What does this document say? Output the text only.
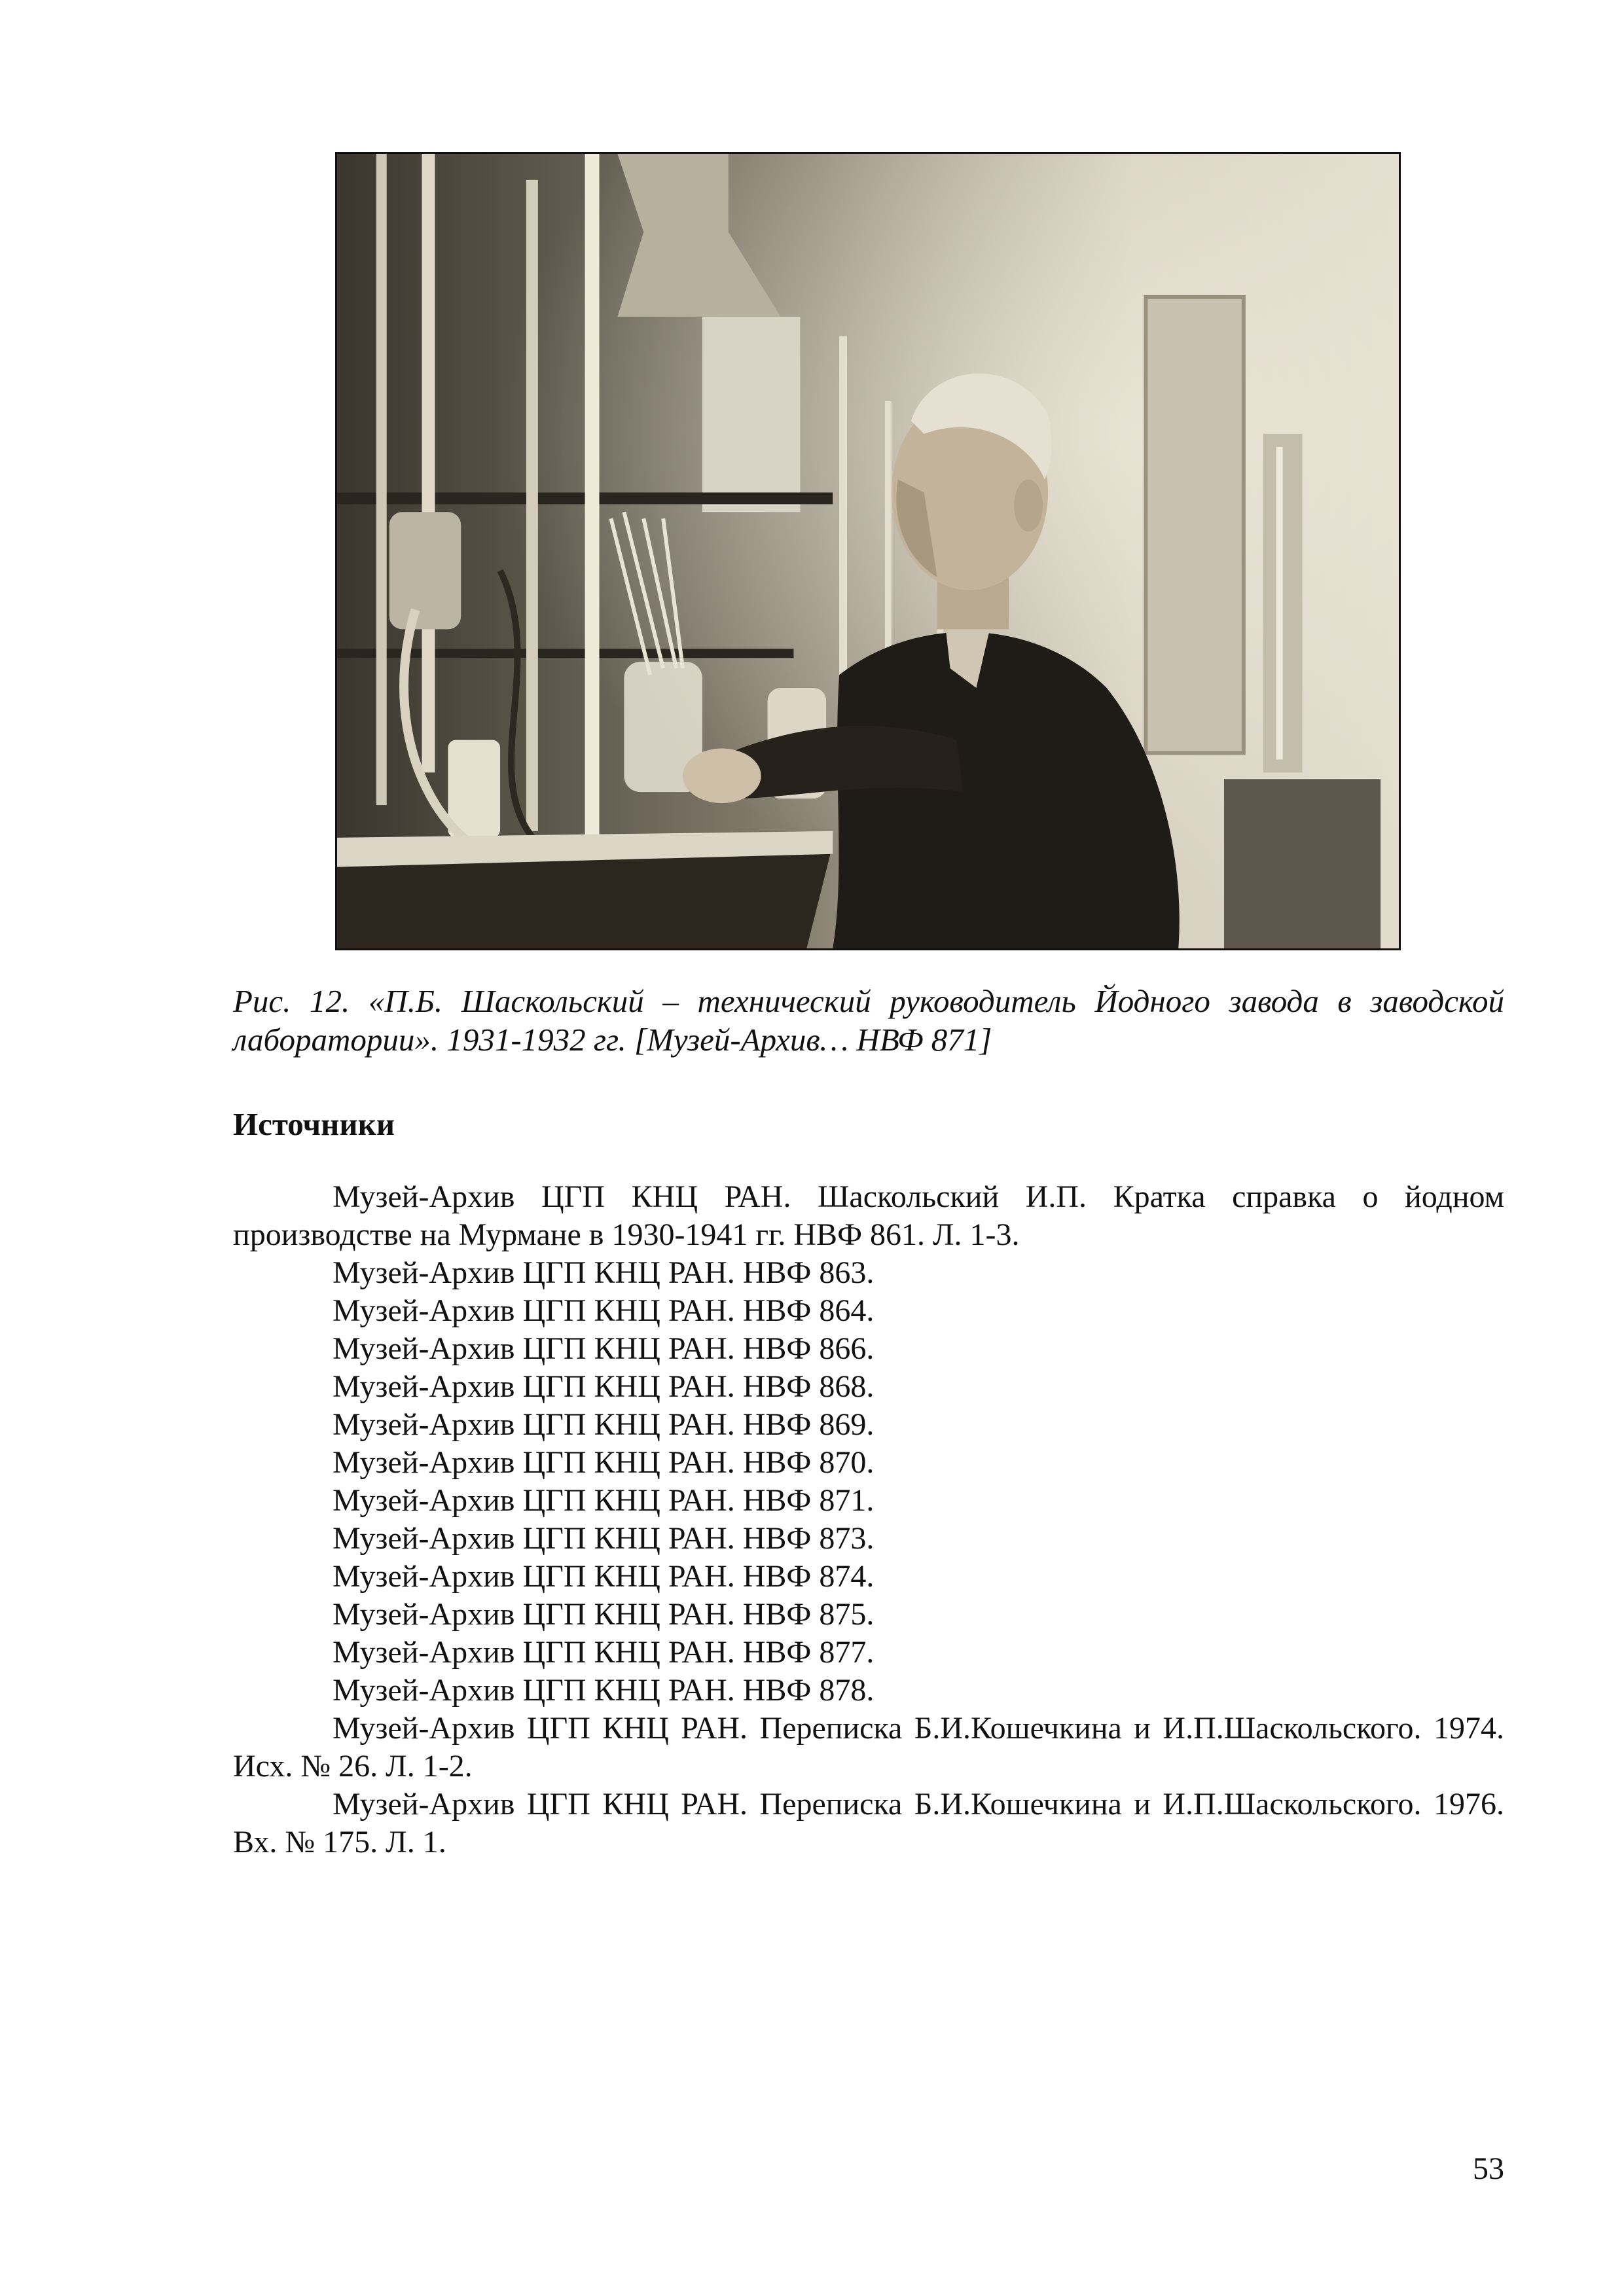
Рис. 12. «П.Б. Шаскольский – технический руководитель Йодного завода в заводской лаборатории». 1931-1932 гг. [Музей-Архив… НВФ 871]
Источники

Музей-Архив ЦГП КНЦ РАН. Шаскольский И.П. Кратка справка о йодном производстве на Мурмане в 1930-1941 гг. НВФ 861. Л. 1-3.

Музей-Архив ЦГП КНЦ РАН. НВФ 863.

Музей-Архив ЦГП КНЦ РАН. НВФ 864.

Музей-Архив ЦГП КНЦ РАН. НВФ 866.

Музей-Архив ЦГП КНЦ РАН. НВФ 868.

Музей-Архив ЦГП КНЦ РАН. НВФ 869.

Музей-Архив ЦГП КНЦ РАН. НВФ 870.

Музей-Архив ЦГП КНЦ РАН. НВФ 871.

Музей-Архив ЦГП КНЦ РАН. НВФ 873.

Музей-Архив ЦГП КНЦ РАН. НВФ 874.

Музей-Архив ЦГП КНЦ РАН. НВФ 875.

Музей-Архив ЦГП КНЦ РАН. НВФ 877.

Музей-Архив ЦГП КНЦ РАН. НВФ 878.

Музей-Архив ЦГП КНЦ РАН. Переписка Б.И.Кошечкина и И.П.Шаскольского. 1974. Исх. № 26. Л. 1-2.

Музей-Архив ЦГП КНЦ РАН. Переписка Б.И.Кошечкина и И.П.Шаскольского. 1976. Вх. № 175. Л. 1.

53
